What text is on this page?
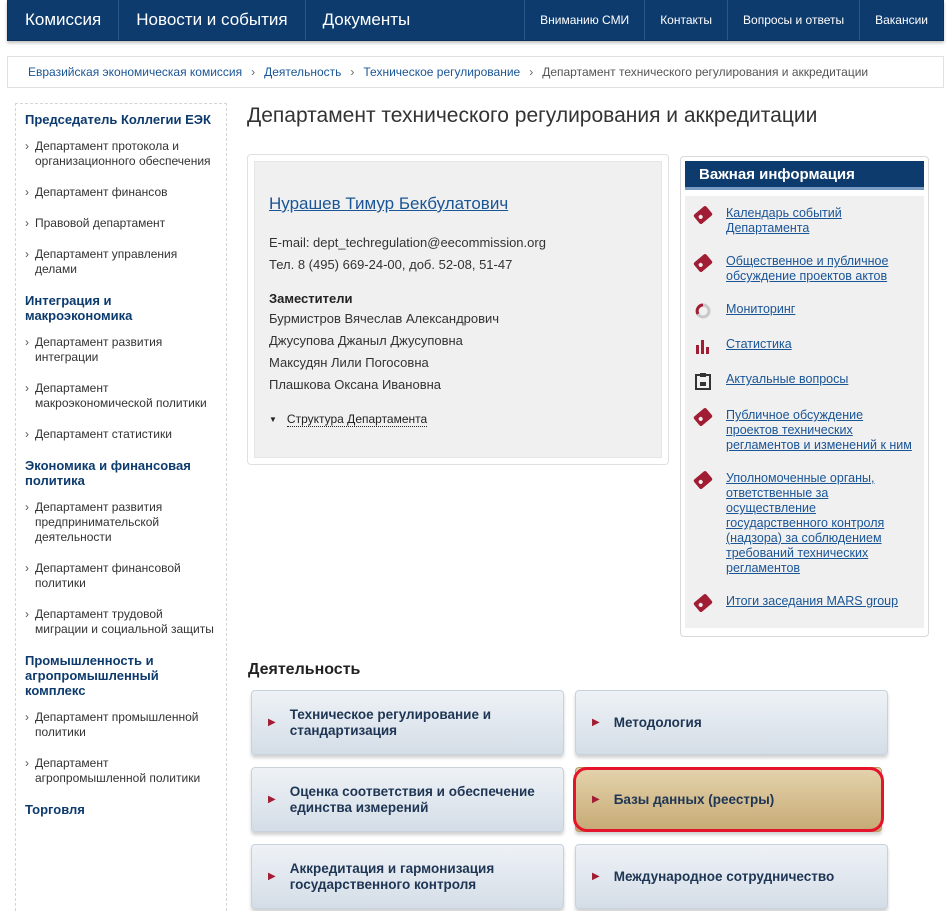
Комиссия	Новости и события	Документы	Вниманию СМИ	Контакты	Вопросы и ответы	Вакансии
Евразийская экономическая комиссия › Деятельность › Техническое регулирование › Департамент технического регулирования и аккредитации
Председатель Коллегии ЕЭК
› Департамент протокола и организационного обеспечения
› Департамент финансов
› Правовой департамент
› Департамент управления делами
Интеграция и макроэкономика
› Департамент развития интеграции
› Департамент макроэкономической политики
› Департамент статистики
Экономика и финансовая политика
› Департамент развития предпринимательской деятельности
› Департамент финансовой политики
› Департамент трудовой миграции и социальной защиты
Промышленность и агропромышленный комплекс
› Департамент промышленной политики
› Департамент агропромышленной политики
Торговля
Департамент технического регулирования и аккредитации
Нурашев Тимур Бекбулатович
E-mail: dept_techregulation@eecommission.org
Тел. 8 (495) 669-24-00, доб. 52-08, 51-47
Заместители
Бурмистров Вячеслав Александрович
Джусупова Джаныл Джусуповна
Максудян Лили Погосовна
Плашкова Оксана Ивановна
▼ Структура Департамента
Важная информация
Календарь событий Департамента
Общественное и публичное обсуждение проектов актов
Мониторинг
Статистика
Актуальные вопросы
Публичное обсуждение проектов технических регламентов и изменений к ним
Уполномоченные органы, ответственные за осуществление государственного контроля (надзора) за соблюдением требований технических регламентов
Итоги заседания MARS group
Деятельность
▶
Техническое регулирование и стандартизация	▶ Методология
▶
Оценка соответствия и обеспечение единства измерений	▶ Базы данных (реестры)
▶
Аккредитация и гармонизация государственного контроля	▶ Международное сотрудничество
